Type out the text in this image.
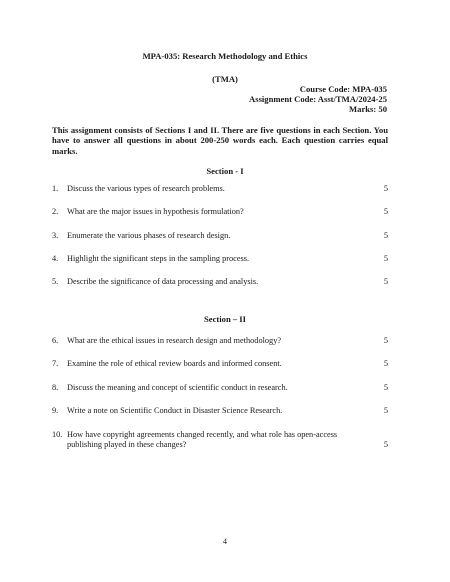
MPA-035: Research Methodology and Ethics
(TMA)
Course Code: MPA-035
Assignment Code: Asst/TMA/2024-25
Marks: 50
This assignment consists of Sections I and II. There are five questions in each Section. You have to answer all questions in about 200-250 words each. Each question carries equal marks.
Section - I
1.	Discuss the various types of research problems.	5
2.	What are the major issues in hypothesis formulation?	5
3.	Enumerate the various phases of research design.	5
4.	Highlight the significant steps in the sampling process.	5
5.	Describe the significance of data processing and analysis.	5
Section – II
6.	What are the ethical issues in research design and methodology?	5
7.	Examine the role of ethical review boards and informed consent.	5
8.	Discuss the meaning and concept of scientific conduct in research.	5
9.	Write a note on Scientific Conduct in Disaster Science Research.	5
10. How have copyright agreements changed recently, and what role has open-access publishing played in these changes?	5
4
